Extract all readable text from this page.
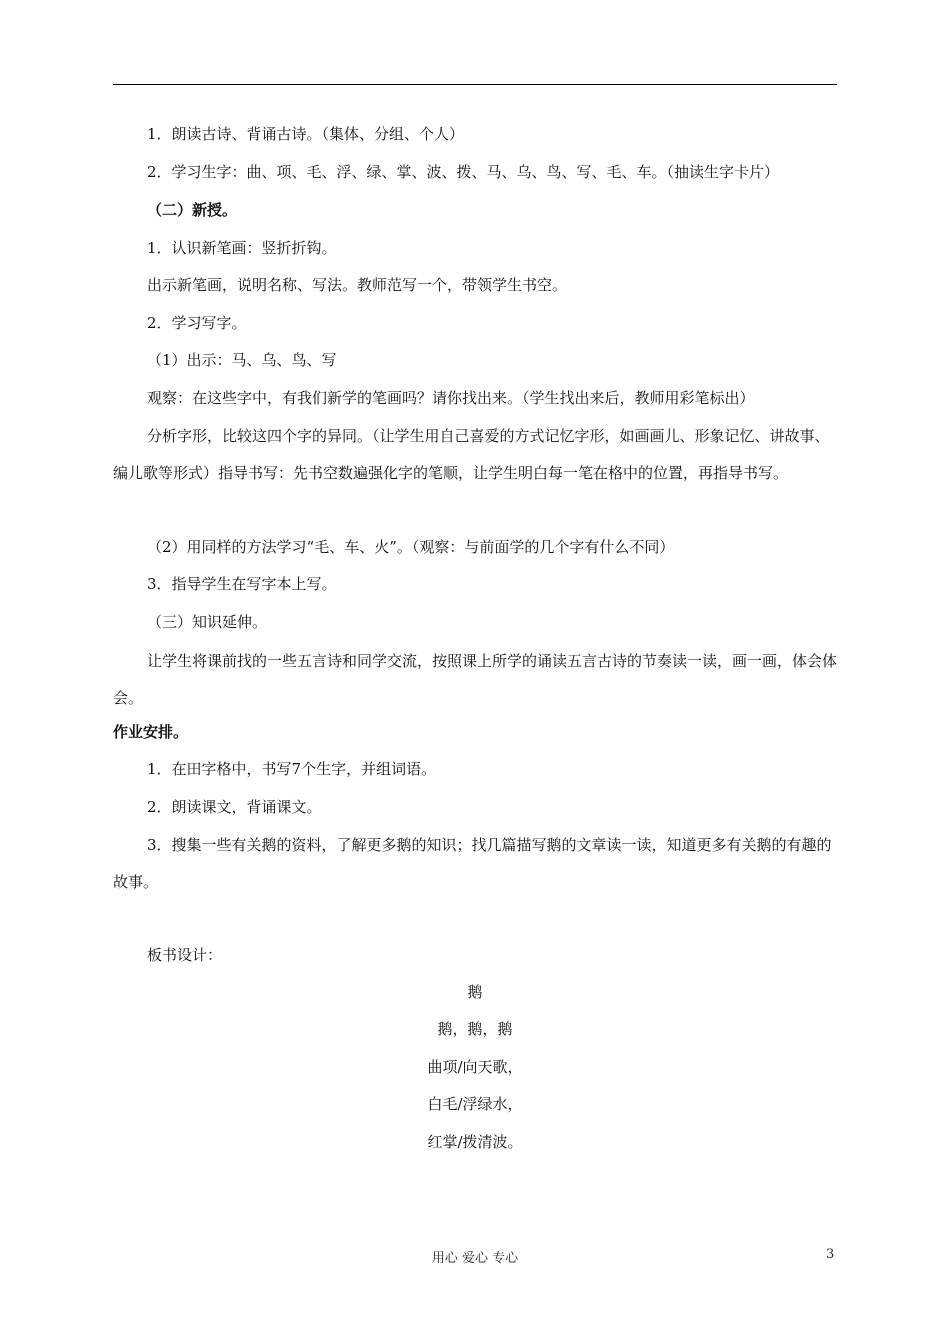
1．朗读古诗、背诵古诗。（集体、分组、个人）
2．学习生字：曲、项、毛、浮、绿、掌、波、拨、马、乌、鸟、写、毛、车。（抽读生字卡片）
（二）新授。
1．认识新笔画：竖折折钩。
出示新笔画，说明名称、写法。教师范写一个，带领学生书空。
2．学习写字。
（1）出示：马、乌、鸟、写
观察：在这些字中，有我们新学的笔画吗？请你找出来。（学生找出来后，教师用彩笔标出）
分析字形，比较这四个字的异同。（让学生用自己喜爱的方式记忆字形，如画画儿、形象记忆、讲故事、编儿歌等形式）指导书写：先书空数遍强化字的笔顺，让学生明白每一笔在格中的位置，再指导书写。
（2）用同样的方法学习“毛、车、火”。（观察：与前面学的几个字有什么不同）
3．指导学生在写字本上写。
（三）知识延伸。
让学生将课前找的一些五言诗和同学交流，按照课上所学的诵读五言古诗的节奏读一读，画一画，体会体会。
作业安排。
1．在田字格中，书写7个生字，并组词语。
2．朗读课文，背诵课文。
3．搜集一些有关鹅的资料，了解更多鹅的知识；找几篇描写鹅的文章读一读，知道更多有关鹅的有趣的故事。
板书设计：
鹅
鹅，鹅，鹅
曲项/向天歌，
白毛/浮绿水，
红掌/拨清波。
用心 爱心 专心	3
